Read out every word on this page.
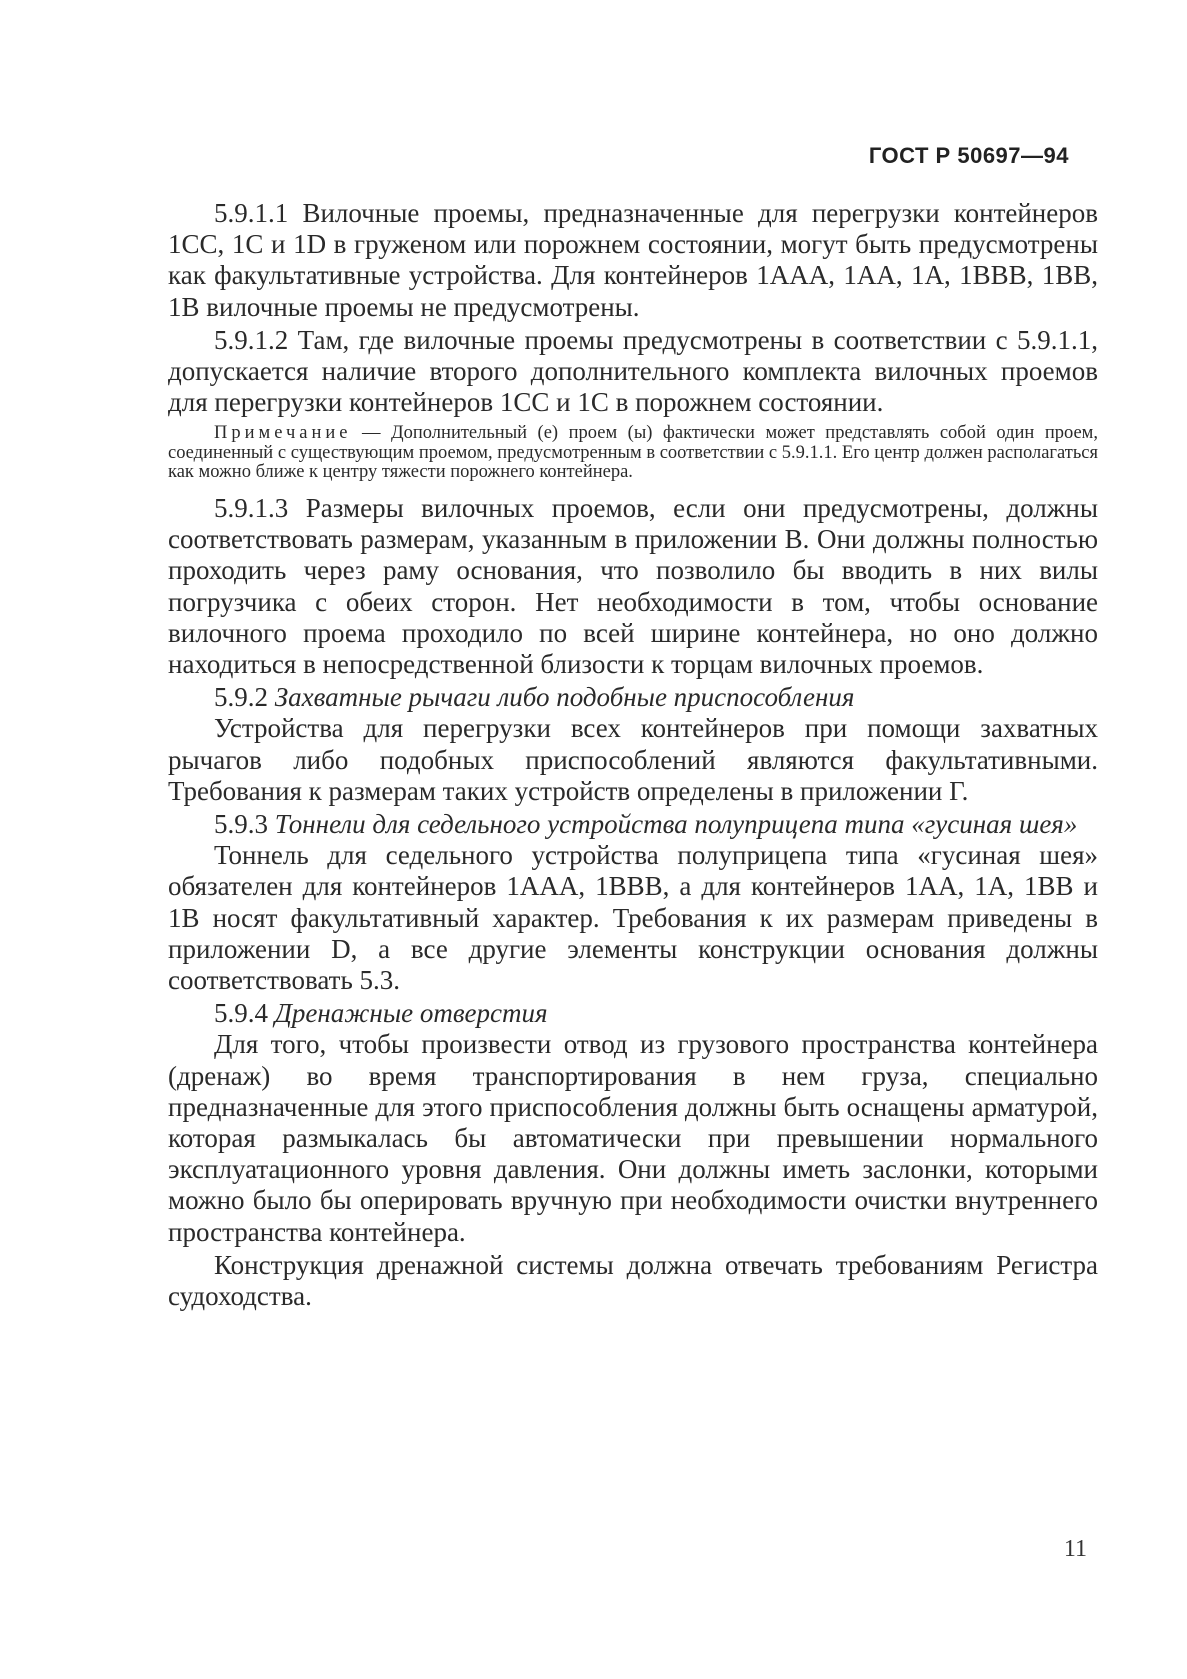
ГОСТ Р 50697—94

5.9.1.1 Вилочные проемы, предназначенные для перегрузки контейнеров 1СС, 1С и 1D в груженом или порожнем состоянии, могут быть предусмотрены как факультативные устройства. Для контейнеров 1ААА, 1АА, 1А, 1ВВВ, 1ВВ, 1В вилочные проемы не предусмотрены.

5.9.1.2 Там, где вилочные проемы предусмотрены в соответствии с 5.9.1.1, допускается наличие второго дополнительного комплекта вилочных проемов для перегрузки контейнеров 1СС и 1С в порожнем состоянии.

Примечание — Дополнительный (е) проем (ы) фактически может представлять собой один проем, соединенный с существующим проемом, предусмотренным в соответствии с 5.9.1.1. Его центр должен располагаться как можно ближе к центру тяжести порожнего контейнера.

5.9.1.3 Размеры вилочных проемов, если они предусмотрены, должны соответствовать размерам, указанным в приложении В. Они должны полностью проходить через раму основания, что позволило бы вводить в них вилы погрузчика с обеих сторон. Нет необходимости в том, чтобы основание вилочного проема проходило по всей ширине контейнера, но оно должно находиться в непосредственной близости к торцам вилочных проемов.

5.9.2 Захватные рычаги либо подобные приспособления

Устройства для перегрузки всех контейнеров при помощи захватных рычагов либо подобных приспособлений являются факультативными. Требования к размерам таких устройств определены в приложении Г.

5.9.3 Тоннели для седельного устройства полуприцепа типа «гусиная шея»

Тоннель для седельного устройства полуприцепа типа «гусиная шея» обязателен для контейнеров 1ААА, 1ВВВ, а для контейнеров 1АА, 1А, 1ВВ и 1В носят факультативный характер. Требования к их размерам приведены в приложении D, а все другие элементы конструкции основания должны соответствовать 5.3.

5.9.4 Дренажные отверстия

Для того, чтобы произвести отвод из грузового пространства контейнера (дренаж) во время транспортирования в нем груза, специально предназначенные для этого приспособления должны быть оснащены арматурой, которая размыкалась бы автоматически при превышении нормального эксплуатационного уровня давления. Они должны иметь заслонки, которыми можно было бы оперировать вручную при необходимости очистки внутреннего пространства контейнера.

Конструкция дренажной системы должна отвечать требованиям Регистра судоходства.

11
